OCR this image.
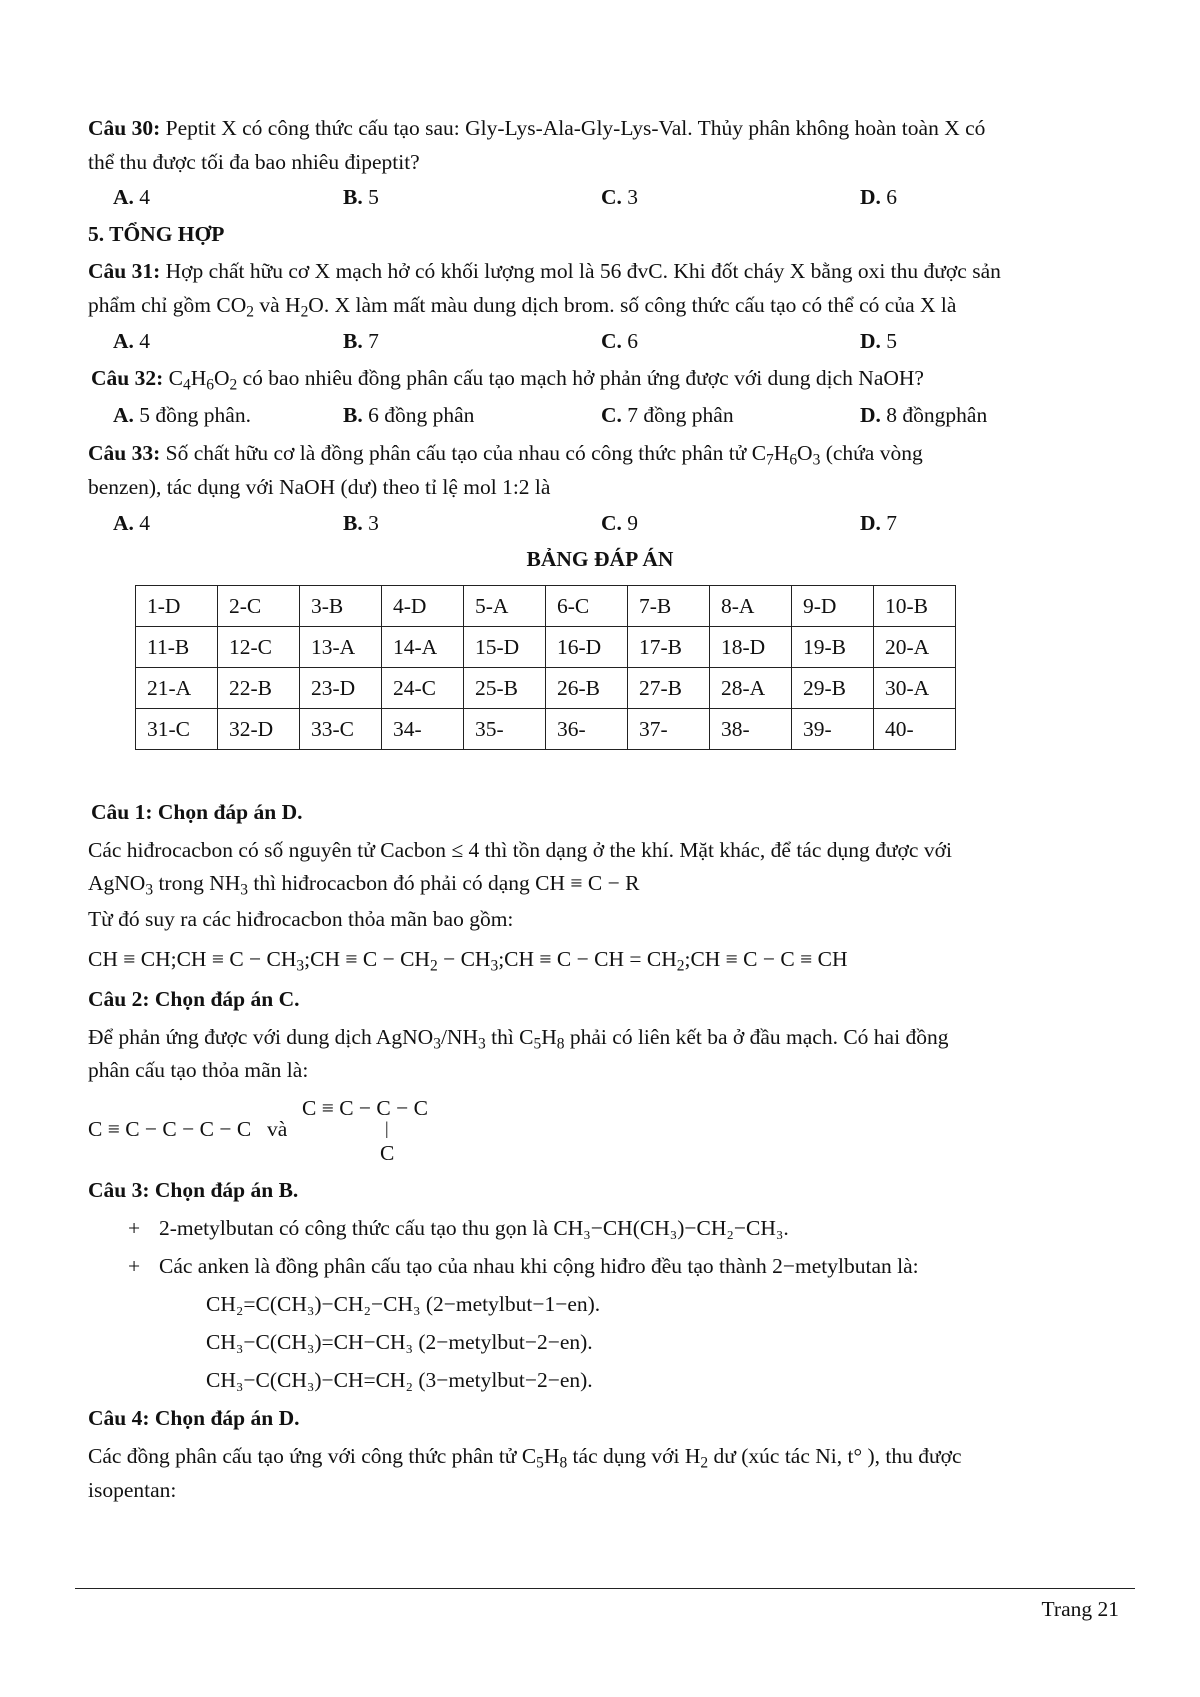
Câu 30: Peptit X có công thức cấu tạo sau: Gly-Lys-Ala-Gly-Lys-Val. Thủy phân không hoàn toàn X có
thể thu được tối đa bao nhiêu đipeptit?
A. 4	B. 5	C. 3	D. 6
5. TỔNG HỢP
Câu 31: Hợp chất hữu cơ X mạch hở có khối lượng mol là 56 đvC. Khi đốt cháy X bằng oxi thu được sản
phẩm chỉ gồm $CO_2$ và $H_2O$. X làm mất màu dung dịch brom. số công thức cấu tạo có thể có của X là
A. 4	B. 7	C. 6	D. 5
Câu 32: $C_4H_6O_2$ có bao nhiêu đồng phân cấu tạo mạch hở phản ứng được với dung dịch NaOH?
A. 5 đồng phân.	B. 6 đồng phân	C. 7 đồng phân	D. 8 đồngphân
Câu 33: Số chất hữu cơ là đồng phân cấu tạo của nhau có công thức phân tử $C_7H_6O_3$ (chứa vòng
benzen), tác dụng với NaOH (dư) theo tỉ lệ mol 1:2 là
A. 4	B. 3	C. 9	D. 7
BẢNG ĐÁP ÁN
1-D	2-C	3-B	4-D	5-A	6-C	7-B	8-A	9-D	10-B
11-B	12-C	13-A	14-A	15-D	16-D	17-B	18-D	19-B	20-A
21-A	22-B	23-D	24-C	25-B	26-B	27-B	28-A	29-B	30-A
31-C	32-D	33-C	34-	35-	36-	37-	38-	39-	40-
Câu 1: Chọn đáp án D.
Các hiđrocacbon có số nguyên tử Cacbon ≤ 4 thì tồn dạng ở the khí. Mặt khác, để tác dụng được với
AgNO$_3$ trong $NH_3$ thì hiđrocacbon đó phải có dạng CH ≡ C − R
Từ đó suy ra các hiđrocacbon thỏa mãn bao gồm:
CH ≡ CH;CH ≡ $C - CH_3;CH \equiv C - CH_2$ − $CH_3;CH \equiv C$ − CH = $CH_2;CH \equiv C - C$ ≡ CH
Câu 2: Chọn đáp án C.
Để phản ứng được với dung dịch $AgNO_3/NH_3$ thì $C_5H_8$ phải có liên kết ba ở đầu mạch. Có hai đồng
phân cấu tạo thỏa mãn là:
C ≡ C − C − C − C và
C ≡ C − C − C
|
C
Câu 3: Chọn đáp án B.
+ 2-metylbutan có công thức cấu tạo thu gọn là CH₃−CH(CH₃)−CH₂−CH₃.
+ Các anken là đồng phân cấu tạo của nhau khi cộng hiđro đều tạo thành 2−metylbutan là:
CH₂=C(CH₃)−CH₂−CH₃ (2−metylbut−1−en).
CH₃−C(CH₃)=CH−CH₃ (2−metylbut−2−en).
CH₃−C(CH₃)−CH=CH₂ (3−metylbut−2−en).
Câu 4: Chọn đáp án D.
Các đồng phân cấu tạo ứng với công thức phân tử $C_5H_8$ tác dụng với $H_2$ dư (xúc tác Ni, t° ), thu được
isopentan:
Trang 21
